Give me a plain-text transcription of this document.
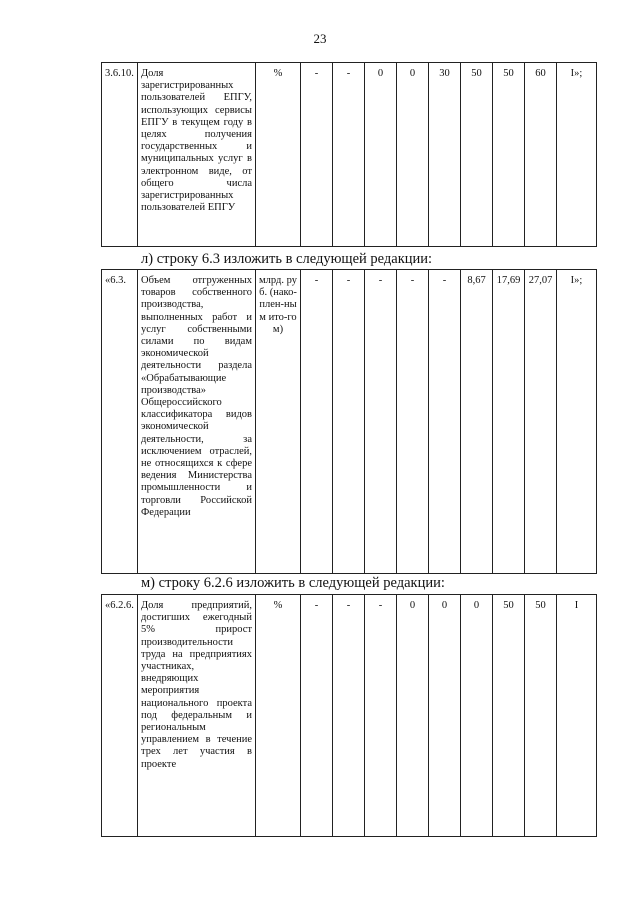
23
3.6.10.	Доля зарегистрированных пользователей ЕПГУ, использующих сервисы ЕПГУ в текущем году в целях получения государственных и муниципальных услуг в электронном виде, от общего числа зарегистрированных пользователей ЕПГУ	%	-	-	0	0	30	50	50	60	I»;
л) строку 6.3 изложить в следующей редакции:
«6.3.	Объем отгруженных товаров собственного производства, выполненных работ и услуг собственными силами по видам экономической деятельности раздела «Обрабатывающие производства» Общероссийского классификатора видов экономической деятельности, за исключением отраслей, не относящихся к сфере ведения Министерства промышленности и торговли Российской Федерации	млрд. руб. (нако-плен-ным ито-гом)	-	-	-	-	-	8,67	17,69	27,07	I»;
м) строку 6.2.6 изложить в следующей редакции:
«6.2.6.	Доля предприятий, достигших ежегодный 5% прирост производительности труда на предприятиях участниках, внедряющих мероприятия национального проекта под федеральным и региональным управлением в течение трех лет участия в проекте	%	-	-	-	0	0	0	50	50	I
